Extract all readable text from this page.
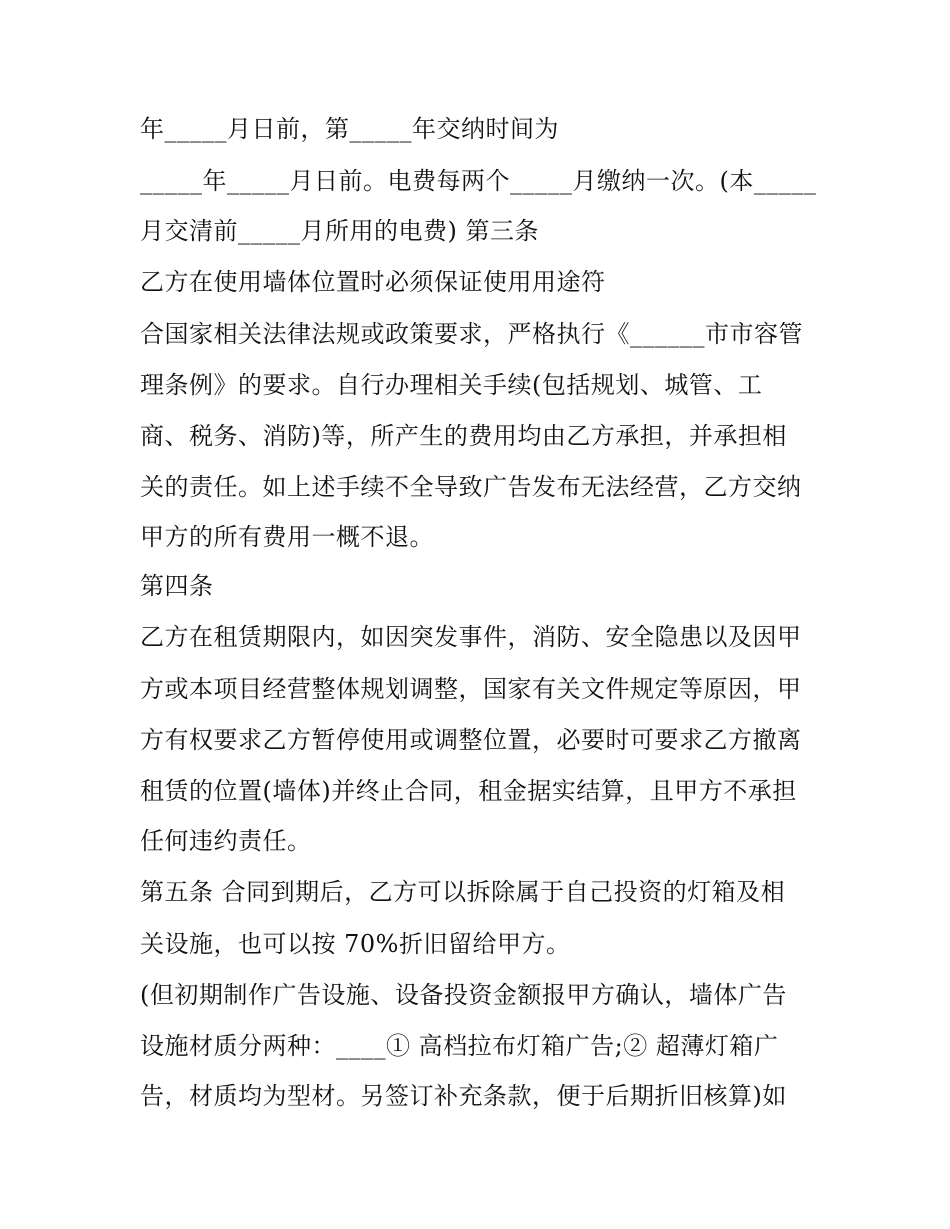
年_____月日前，第_____年交纳时间为

_____年_____月日前。电费每两个_____月缴纳一次。(本_____

月交清前_____月所用的电费) 第三条

乙方在使用墙体位置时必须保证使用用途符

合国家相关法律法规或政策要求，严格执行《______市市容管

理条例》的要求。自行办理相关手续(包括规划、城管、工

商、税务、消防)等，所产生的费用均由乙方承担，并承担相

关的责任。如上述手续不全导致广告发布无法经营，乙方交纳

甲方的所有费用一概不退。

第四条

乙方在租赁期限内，如因突发事件，消防、安全隐患以及因甲

方或本项目经营整体规划调整，国家有关文件规定等原因，甲

方有权要求乙方暂停使用或调整位置，必要时可要求乙方撤离

租赁的位置(墙体)并终止合同，租金据实结算，且甲方不承担

任何违约责任。

第五条 合同到期后，乙方可以拆除属于自己投资的灯箱及相

关设施，也可以按 70%折旧留给甲方。

(但初期制作广告设施、设备投资金额报甲方确认，墙体广告

设施材质分两种：____① 高档拉布灯箱广告;② 超薄灯箱广

告，材质均为型材。另签订补充条款，便于后期折旧核算)如
